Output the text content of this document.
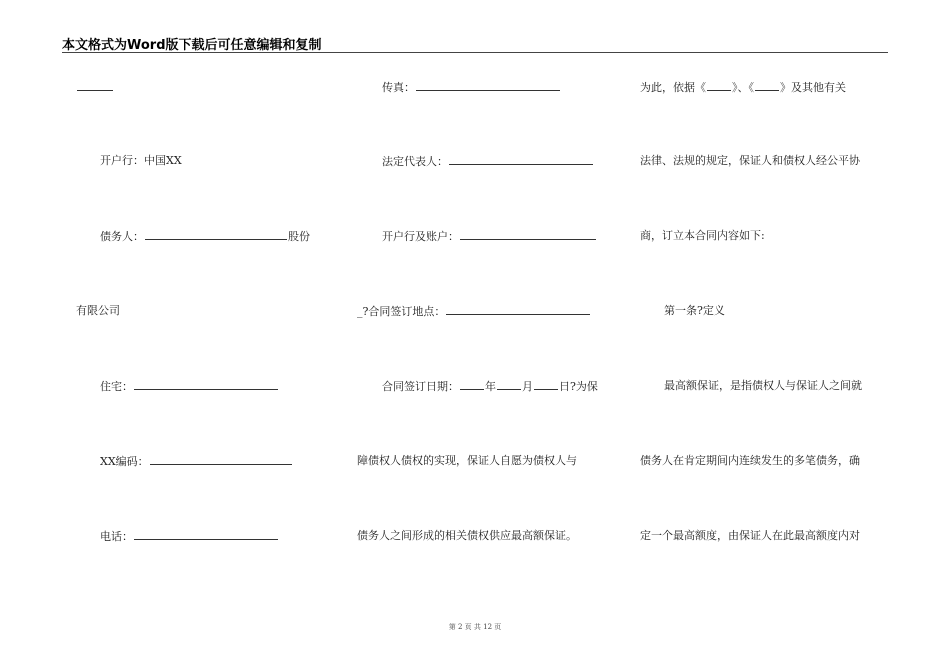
本文格式为Word版下载后可任意编辑和复制
开户行：中国XX
债务人：	股份
有限公司
住宅：
XX编码：
电话：
传真：
法定代表人：
开户行及账户：
_?合同签订地点：
合同签订日期： 年 月 日?为保
障债权人债权的实现，保证人自愿为债权人与
债务人之间形成的相关债权供应最高额保证。
为此，依据《 》、《 》及其他有关
法律、法规的规定，保证人和债权人经公平协
商，订立本合同内容如下:
第一条?定义
最高额保证，是指债权人与保证人之间就
债务人在肯定期间内连续发生的多笔债务，确
定一个最高额度，由保证人在此最高额度内对
第 2 页 共 12 页
